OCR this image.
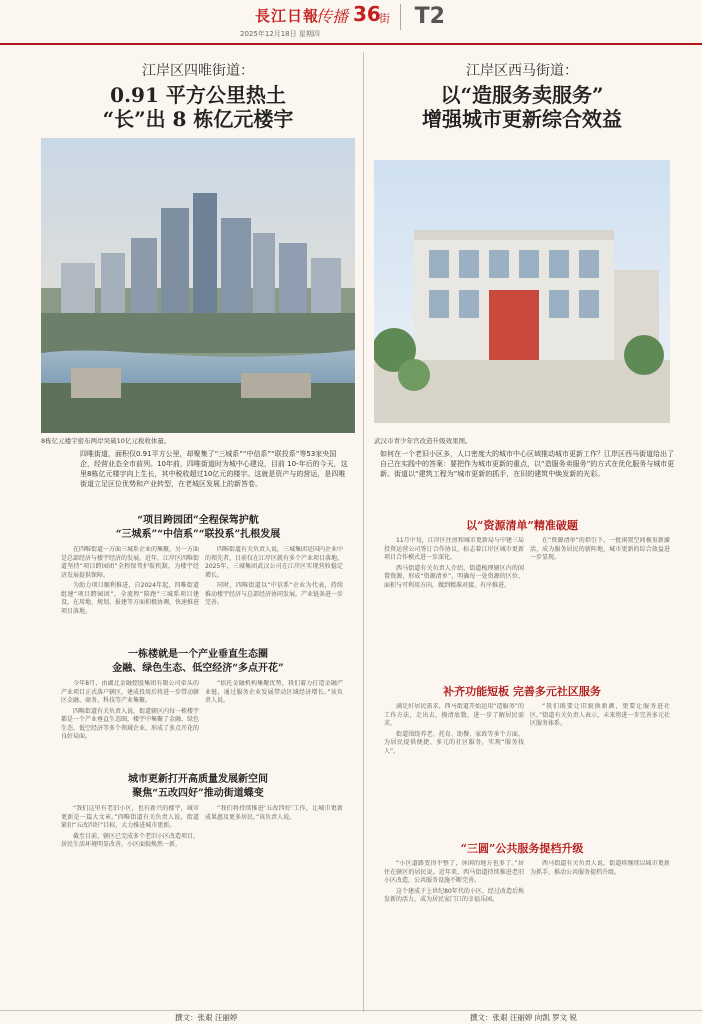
長江日報
传播 36
街	T2
2025年12月18日 星期四
江岸区四唯街道：
0.91 平方公里热土
“长”出 8 栋亿元楼宇
8栋亿元楼宇密布两岸突破10亿元税收体量。
江岸区西马街道：
以“造服务卖服务”
增强城市更新综合效益
武汉市青少年宫改造升级效果图。
四唯街道，面积仅0.91平方公里，却聚集了“三城系”“中信系”“联投系”等53家央国企，经营业态全市前列。10年前，四唯街道时为城中心建设，目前 10-年后的今天，这里8栋亿元楼宇向上生长，其中税收超过10亿元的楼宇。这就是资产与的营运，是四唯街道立足区位优势和产业转型，在老城区发展上的新答卷。
如何在一个老旧小区多，人口密度大的城市中心区域推动城市更新工作？江岸区西马街道给出了自己在实践中的答案：要把作为城市更新的重点，以“造服务卖服务”的方式在优化服务与城市更新。街道以“建筑工程为”城市更新的抓手，在旧的建筑中焕发新的光彩。
“项目跨园团”全程保驾护航
“三城系”“中信系”“联投系”扎根发展

在四唯街道一方面三城系企业的集聚，另一方面是总部经济与楼宇经济的发展。近年，江岸区四唯街道坚持“项目跨园团”全程保驾护航机制，为楼宇经济发展提供保障。

为助力项目顺利推进，自2024年起，四唯街道组建“项目跨园团”，全流程“陪跑”三城系项目建设，在用地、规划、报建等方面积极协调，快速推进项目落地。

四唯街道有关负责人说，三城集团是国内企业中的领先者，目前仅在江岸区就有多个产业项目落地。2025年，三城集团武汉公司在江岸区实现营收稳定增长。

同时，四唯街道以“中信系”企业为代表，持续推动楼宇经济与总部经济协同发展，产业链条进一步完善。

一栋楼就是一个产业垂直生态圈
金融、绿色生态、低空经济“多点开花”

今年8月，由湖北金融控股集团有限公司牵头的产业项目正式落户辖区，建成投用后将进一步带动辖区金融、商务、科技等产业集聚。

四唯街道有关负责人说，街道辖区内每一栋楼宇都是一个产业垂直生态圈，楼宇中集聚了金融、绿色生态、低空经济等多个领域企业，形成了多点开花的良好局面。

“依托金融机构集聚优势，我们着力打造金融产业链，通过服务企业发展带动区域经济增长。”该负责人说。

城市更新打开高质量发展新空间
聚焦“五改四好”推动街道蝶变

“我们这里有老旧小区，也有新兴的楼宇，城市更新是一篇大文章。”四唯街道有关负责人说，街道紧扣“五改四好”目标，大力推进城市更新。

截至目前，辖区已完成多个老旧小区改造项目，居民生活环境明显改善，小区面貌焕然一新。

“我们将持续推进‘五改四好’工作，让城市更新成果惠及更多居民。”该负责人说。

以“资源清单”精准破题

11月中旬，江岸区住房和城市更新局与中建三局投资运营公司签订合作协议，标志着江岸区城市更新项目合作模式进一步深化。

西马街道有关负责人介绍，街道梳理辖区内的闲置资源，形成“资源清单”，明确每一处资源的区位、面积与可利用方向，做到精准对接、有序推进。

在“资源清单”的指引下，一批闲置空间被重新激活，成为服务居民的新阵地，城市更新的综合效益进一步显现。

补齐功能短板 完善多元社区服务

满足好居民需求，西马街道开始运用“造服务”的工作方法，走出去，摸清底数，进一步了解居民需求。

街道围绕养老、托育、助餐、家政等多个方面，为居民提供便捷、多元的社区服务，实现“服务找人”。

“我们既要让旧貌换新颜，更要让服务进社区。”街道有关负责人表示，未来将进一步完善多元社区服务体系。

“三圆”公共服务提档升级

“小区道路变得平整了，休闲的地方也多了。”居住在辖区的居民说。近年来，西马街道持续推进老旧小区改造，公共服务设施不断完善。

这个建成于上世纪80年代的小区，经过改造后焕发新的活力，成为居民家门口的幸福乐园。

西马街道有关负责人说，街道将继续以城市更新为抓手，推动公共服务提档升级。

撰文：张艰 汪丽婷	撰文：张艰 汪丽婷 向凯 罗文 锐
